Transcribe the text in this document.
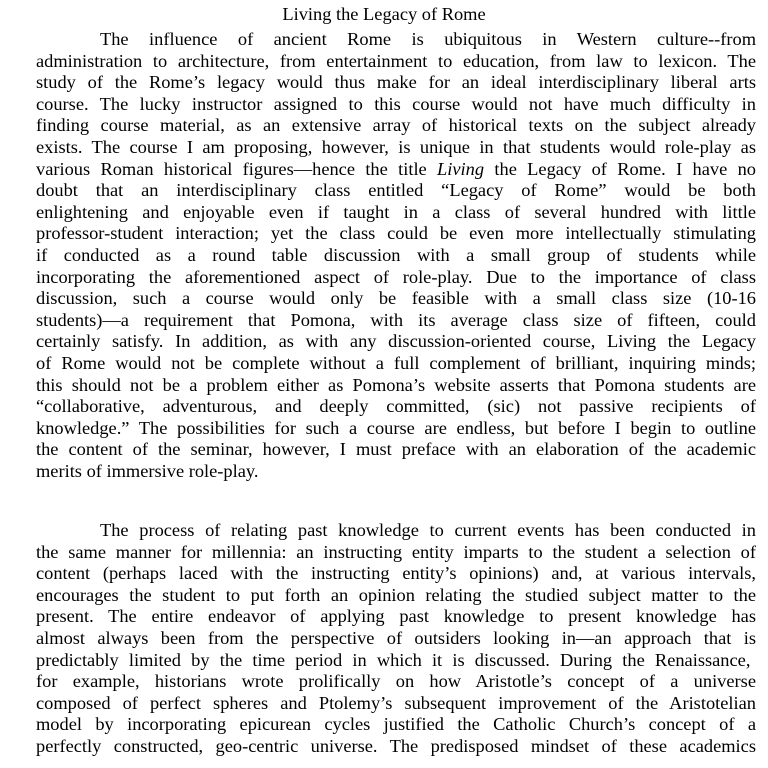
Living the Legacy of Rome
The influence of ancient Rome is ubiquitous in Western culture--from
administration to architecture, from entertainment to education, from law to lexicon. The
study of the Rome’s legacy would thus make for an ideal interdisciplinary liberal arts
course. The lucky instructor assigned to this course would not have much difficulty in
finding course material, as an extensive array of historical texts on the subject already
exists. The course I am proposing, however, is unique in that students would role-play as
various Roman historical figures—hence the title Living the Legacy of Rome. I have no
doubt that an interdisciplinary class entitled “Legacy of Rome” would be both
enlightening and enjoyable even if taught in a class of several hundred with little
professor-student interaction; yet the class could be even more intellectually stimulating
if conducted as a round table discussion with a small group of students while
incorporating the aforementioned aspect of role-play. Due to the importance of class
discussion, such a course would only be feasible with a small class size (10-16
students)—a requirement that Pomona, with its average class size of fifteen, could
certainly satisfy. In addition, as with any discussion-oriented course, Living the Legacy
of Rome would not be complete without a full complement of brilliant, inquiring minds;
this should not be a problem either as Pomona’s website asserts that Pomona students are
“collaborative, adventurous, and deeply committed, (sic) not passive recipients of
knowledge.” The possibilities for such a course are endless, but before I begin to outline
the content of the seminar, however, I must preface with an elaboration of the academic
merits of immersive role-play.
The process of relating past knowledge to current events has been conducted in
the same manner for millennia: an instructing entity imparts to the student a selection of
content (perhaps laced with the instructing entity’s opinions) and, at various intervals,
encourages the student to put forth an opinion relating the studied subject matter to the
present. The entire endeavor of applying past knowledge to present knowledge has
almost always been from the perspective of outsiders looking in—an approach that is
predictably limited by the time period in which it is discussed. During the Renaissance,
for example, historians wrote prolifically on how Aristotle’s concept of a universe
composed of perfect spheres and Ptolemy’s subsequent improvement of the Aristotelian
model by incorporating epicurean cycles justified the Catholic Church’s concept of a
perfectly constructed, geo-centric universe. The predisposed mindset of these academics
